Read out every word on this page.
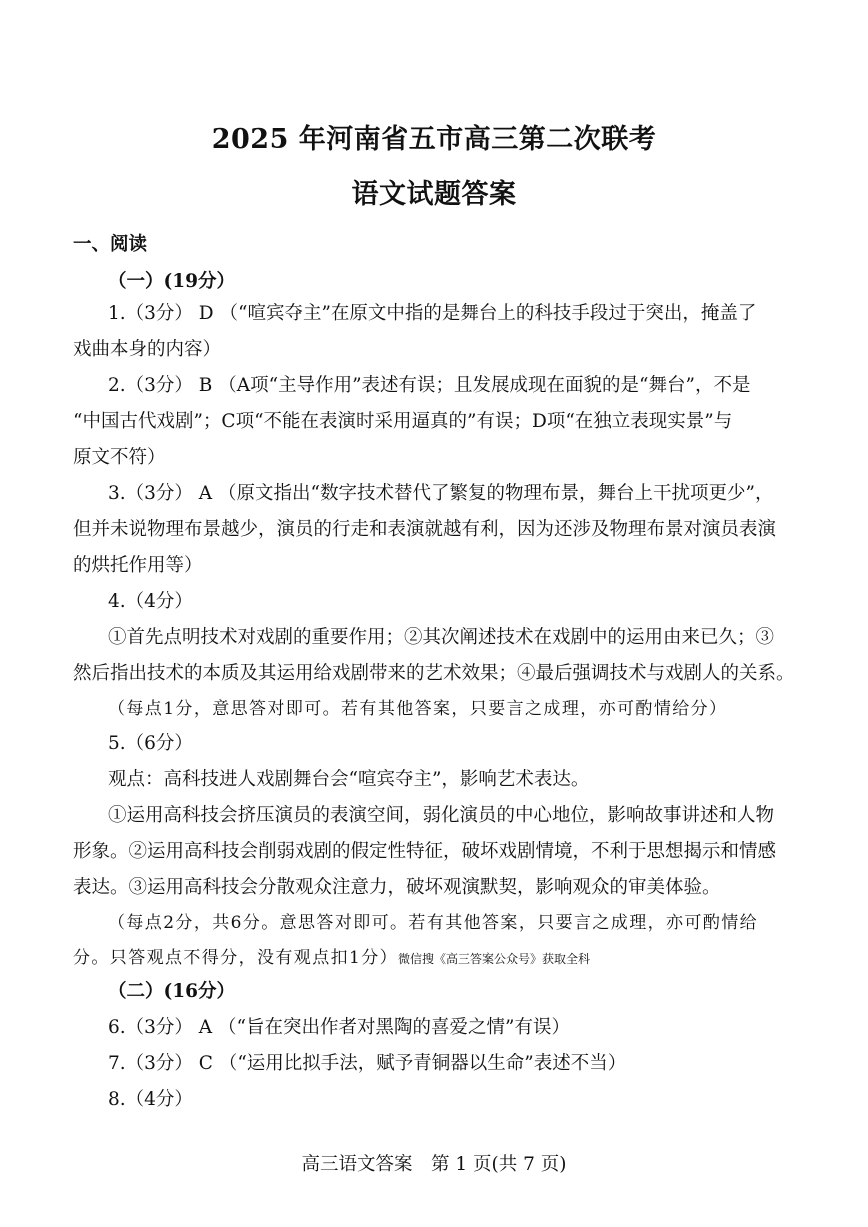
2025 年河南省五市高三第二次联考
语文试题答案
一、阅读
（一）(19分）
1.（3分） D （“喧宾夺主”在原文中指的是舞台上的科技手段过于突出，掩盖了
戏曲本身的内容）
2.（3分） B （A项“主导作用”表述有误；且发展成现在面貌的是“舞台”，不是
“中国古代戏剧”；C项“不能在表演时采用逼真的”有误；D项“在独立表现实景”与
原文不符）
3.（3分） A （原文指出“数字技术替代了繁复的物理布景，舞台上干扰项更少”，
但并未说物理布景越少，演员的行走和表演就越有利，因为还涉及物理布景对演员表演
的烘托作用等）
4.（4分）
①首先点明技术对戏剧的重要作用；②其次阐述技术在戏剧中的运用由来已久；③
然后指出技术的本质及其运用给戏剧带来的艺术效果；④最后强调技术与戏剧人的关系。
（每点1分，意思答对即可。若有其他答案，只要言之成理，亦可酌情给分）
5.（6分）
观点：高科技进人戏剧舞台会“喧宾夺主”，影响艺术表达。
①运用高科技会挤压演员的表演空间，弱化演员的中心地位，影响故事讲述和人物
形象。②运用高科技会削弱戏剧的假定性特征，破坏戏剧情境，不利于思想揭示和情感
表达。③运用高科技会分散观众注意力，破坏观演默契，影响观众的审美体验。
（每点2分，共6分。意思答对即可。若有其他答案，只要言之成理，亦可酌情给
分。只答观点不得分，没有观点扣1分）微信搜《高三答案公众号》获取全科
（二）(16分）
6.（3分） A （“旨在突出作者对黑陶的喜爱之情”有误）
7.（3分） C （“运用比拟手法，赋予青铜器以生命”表述不当）
8.（4分）
高三语文答案　第 1 页(共 7 页)
